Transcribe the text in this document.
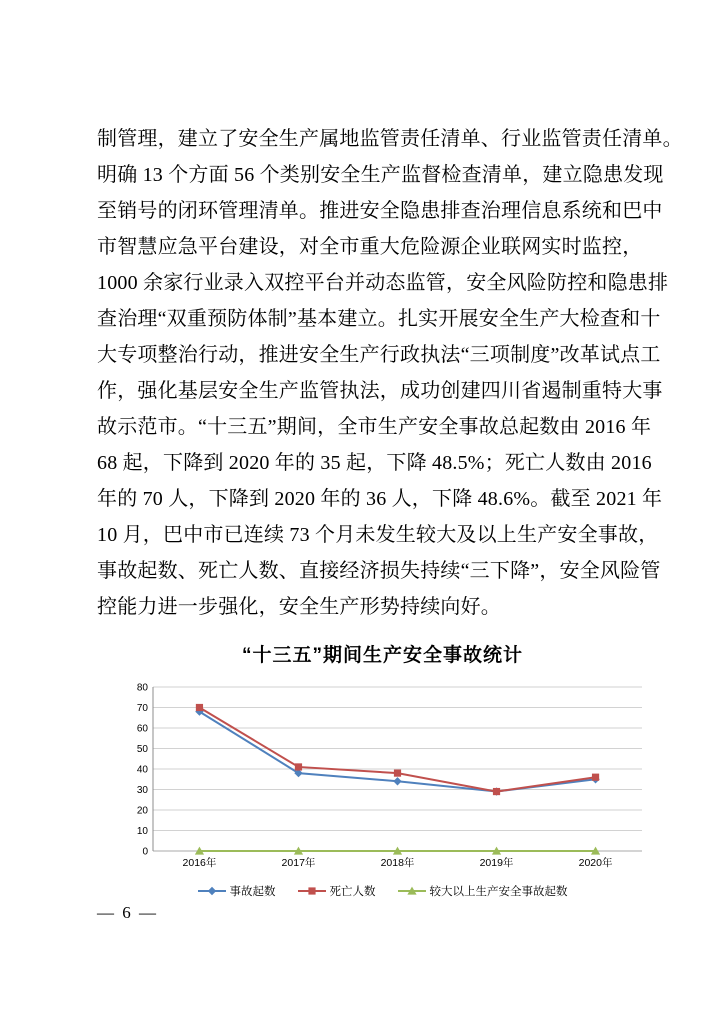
制管理，建立了安全生产属地监管责任清单、行业监管责任清单。
明确 13 个方面 56 个类别安全生产监督检查清单，建立隐患发现
至销号的闭环管理清单。推进安全隐患排查治理信息系统和巴中
市智慧应急平台建设，对全市重大危险源企业联网实时监控，
1000 余家行业录入双控平台并动态监管，安全风险防控和隐患排
查治理“双重预防体制”基本建立。扎实开展安全生产大检查和十
大专项整治行动，推进安全生产行政执法“三项制度”改革试点工
作，强化基层安全生产监管执法，成功创建四川省遏制重特大事
故示范市。“十三五”期间，全市生产安全事故总起数由 2016 年
68 起，下降到 2020 年的 35 起，下降 48.5%；死亡人数由 2016
年的 70 人，下降到 2020 年的 36 人，下降 48.6%。截至 2021 年
10 月，巴中市已连续 73 个月未发生较大及以上生产安全事故，
事故起数、死亡人数、直接经济损失持续“三下降”，安全风险管
控能力进一步强化，安全生产形势持续向好。
“十三五”期间生产安全事故统计
0
10
20
30
40
50
60
70
80
2016年	2017年	2018年	2019年	2020年
事故起数	死亡人数	较大以上生产安全事故起数
— 6 —
